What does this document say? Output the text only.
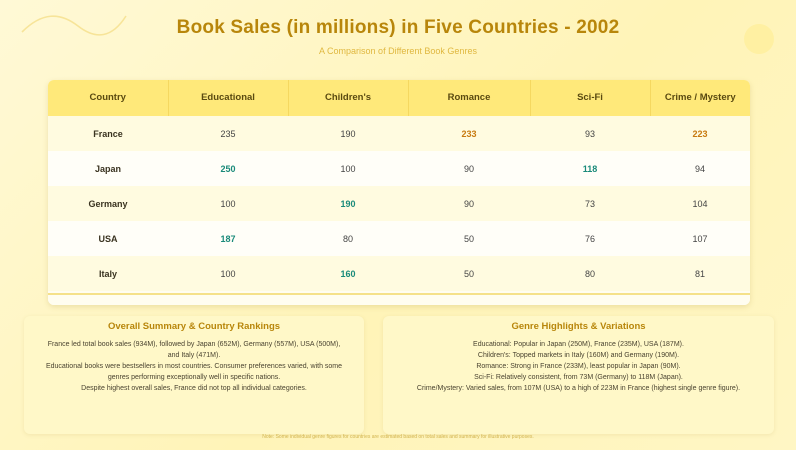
Book Sales (in millions) in Five Countries - 2002
A Comparison of Different Book Genres
Country	Educational	Children's	Romance	Sci-Fi	Crime / Mystery
France	235	190	233	93	223
Japan	250	100	90	118	94
Germany	100	190	90	73	104
USA	187	80	50	76	107
Italy	100	160	50	80	81
Overall Summary & Country Rankings
France led total book sales (934M), followed by Japan (652M), Germany (557M), USA (500M),
and Italy (471M).
Educational books were bestsellers in most countries. Consumer preferences varied, with some
genres performing exceptionally well in specific nations.
Despite highest overall sales, France did not top all individual categories.
Genre Highlights & Variations
Educational: Popular in Japan (250M), France (235M), USA (187M).
Children's: Topped markets in Italy (160M) and Germany (190M).
Romance: Strong in France (233M), least popular in Japan (90M).
Sci-Fi: Relatively consistent, from 73M (Germany) to 118M (Japan).
Crime/Mystery: Varied sales, from 107M (USA) to a high of 223M in France (highest single genre figure).
Note: Some individual genre figures for countries are estimated based on total sales and summary for illustrative purposes.
